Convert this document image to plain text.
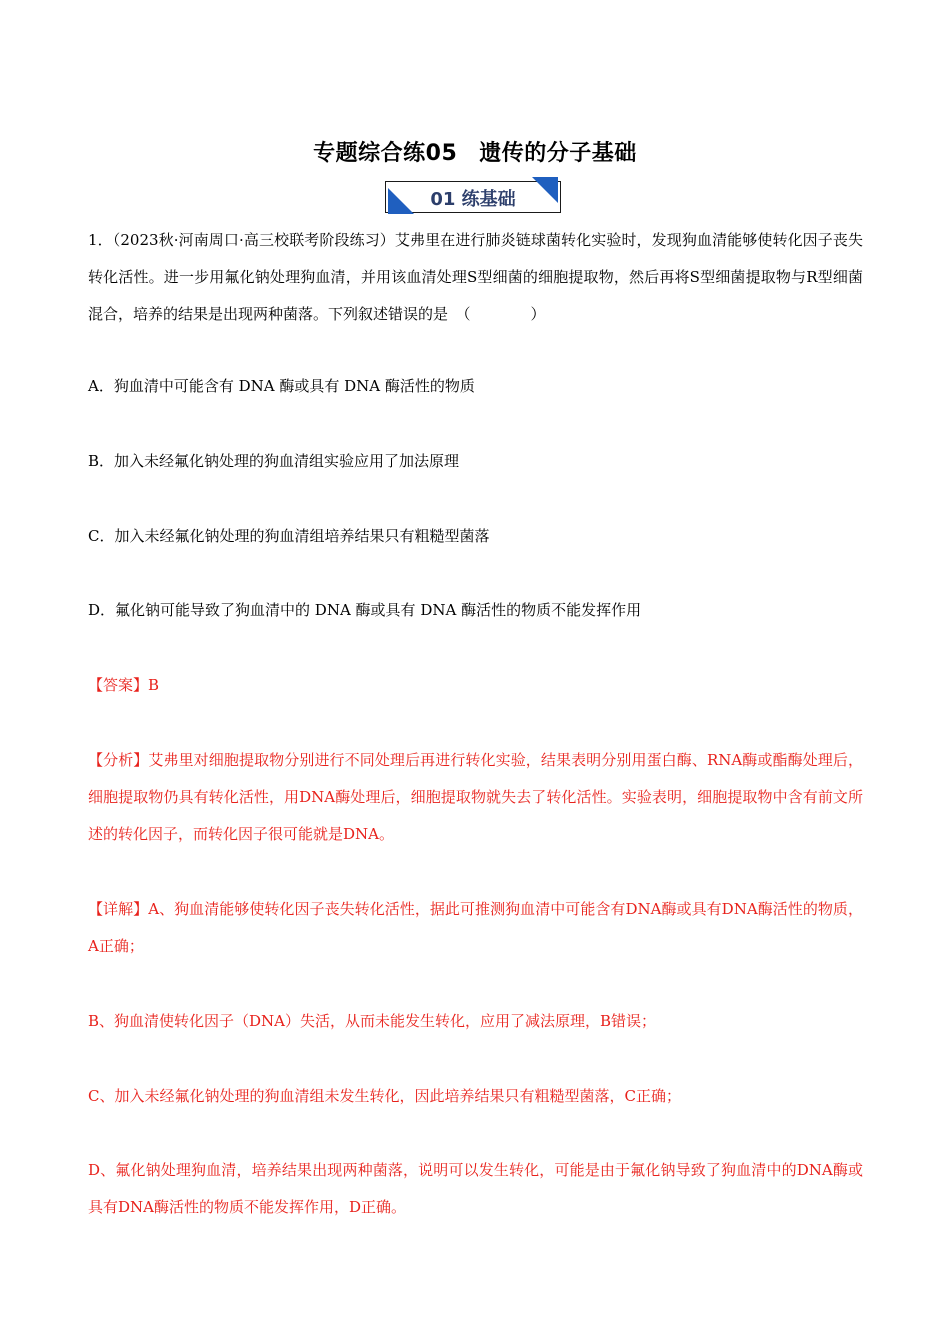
专题综合练05 遗传的分子基础
01 练基础
1．（2023秋·河南周口·高三校联考阶段练习）艾弗里在进行肺炎链球菌转化实验时，发现狗血清能够使转化因子丧失转化活性。进一步用氟化钠处理狗血清，并用该血清处理S型细菌的细胞提取物，然后再将S型细菌提取物与R型细菌混合，培养的结果是出现两种菌落。下列叙述错误的是　（　　　　）
A．狗血清中可能含有 DNA 酶或具有 DNA 酶活性的物质
B．加入未经氟化钠处理的狗血清组实验应用了加法原理
C．加入未经氟化钠处理的狗血清组培养结果只有粗糙型菌落
D．氟化钠可能导致了狗血清中的 DNA 酶或具有 DNA 酶活性的物质不能发挥作用
【答案】B
【分析】艾弗里对细胞提取物分别进行不同处理后再进行转化实验，结果表明分别用蛋白酶、RNA酶或酯酶处理后，细胞提取物仍具有转化活性，用DNA酶处理后，细胞提取物就失去了转化活性。实验表明，细胞提取物中含有前文所述的转化因子，而转化因子很可能就是DNA。
【详解】A、狗血清能够使转化因子丧失转化活性，据此可推测狗血清中可能含有DNA酶或具有DNA酶活性的物质，A正确；
B、狗血清使转化因子（DNA）失活，从而未能发生转化，应用了减法原理，B错误；
C、加入未经氟化钠处理的狗血清组未发生转化，因此培养结果只有粗糙型菌落，C正确；
D、氟化钠处理狗血清，培养结果出现两种菌落，说明可以发生转化，可能是由于氟化钠导致了狗血清中的DNA酶或具有DNA酶活性的物质不能发挥作用，D正确。
